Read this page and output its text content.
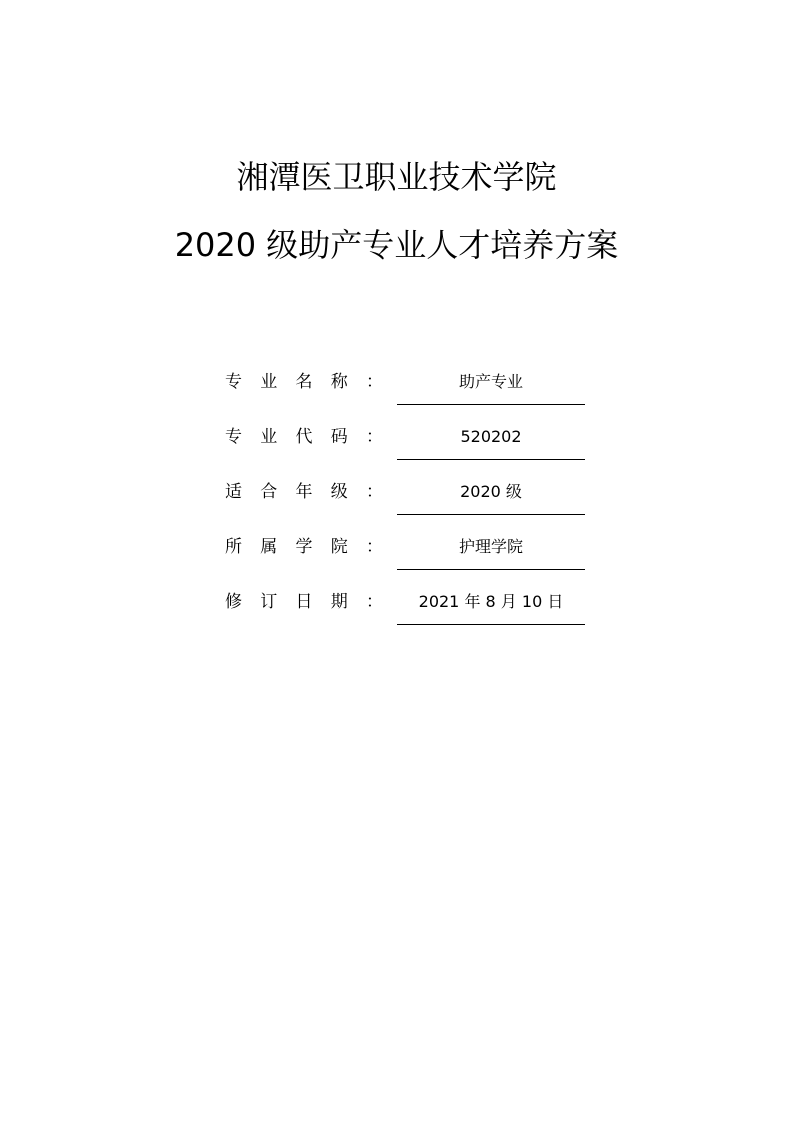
湘潭医卫职业技术学院
2020 级助产专业人才培养方案
专 业 名 称 ：	助产专业
专 业 代 码 ：	520202
适 合 年 级 ：	2020 级
所 属 学 院 ：	护理学院
修 订 日 期 ：	2021 年 8 月 10 日
